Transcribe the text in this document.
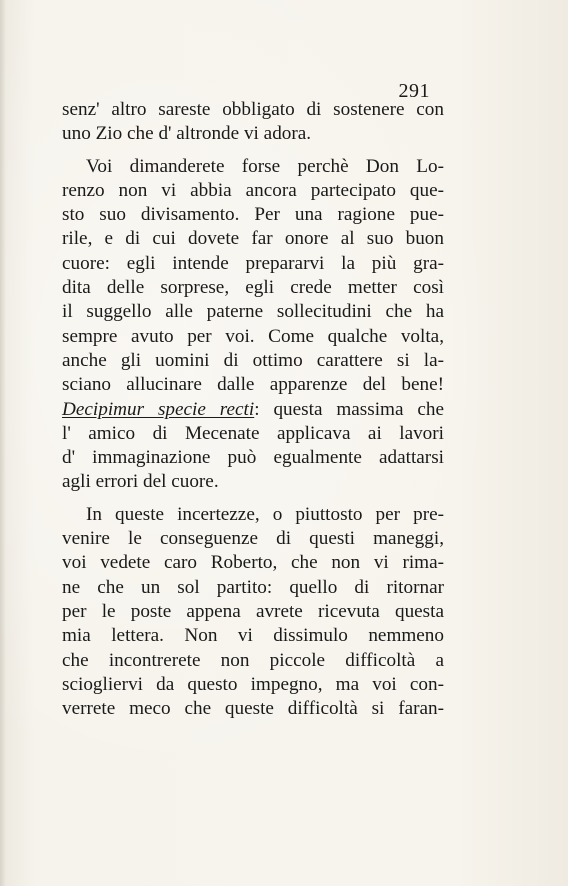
291
senz' altro sareste obbligato di sostenere con
uno Zio che d' altronde vi adora.
Voi dimanderete forse perchè Don Lo-
renzo non vi abbia ancora partecipato que-
sto suo divisamento. Per una ragione pue-
rile, e di cui dovete far onore al suo buon
cuore: egli intende prepararvi la più gra-
dita delle sorprese, egli crede metter così
il suggello alle paterne sollecitudini che ha
sempre avuto per voi. Come qualche volta,
anche gli uomini di ottimo carattere si la-
sciano allucinare dalle apparenze del bene!
Decipimur specie recti: questa massima che
l' amico di Mecenate applicava ai lavori
d' immaginazione può egualmente adattarsi
agli errori del cuore.
In queste incertezze, o piuttosto per pre-
venire le conseguenze di questi maneggi,
voi vedete caro Roberto, che non vi rima-
ne che un sol partito: quello di ritornar
per le poste appena avrete ricevuta questa
mia lettera. Non vi dissimulo nemmeno
che incontrerete non piccole difficoltà a
sciogliervi da questo impegno, ma voi con-
verrete meco che queste difficoltà si faran-
